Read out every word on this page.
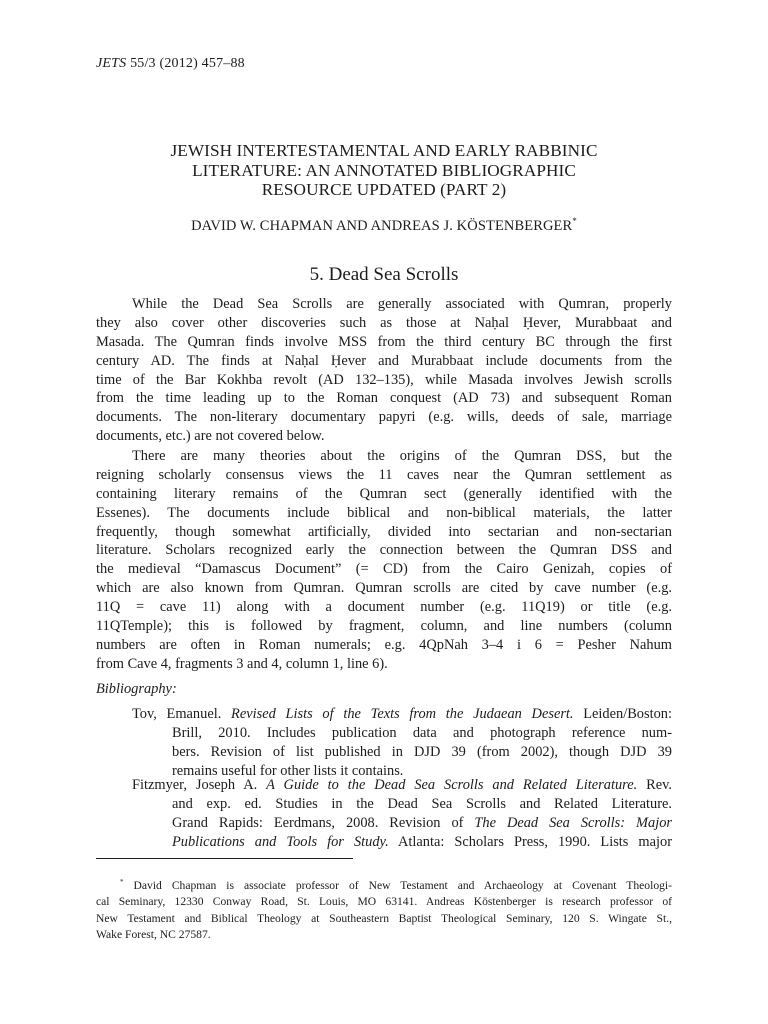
JETS 55/3 (2012) 457–88
JEWISH INTERTESTAMENTAL AND EARLY RABBINIC
LITERATURE: AN ANNOTATED BIBLIOGRAPHIC
RESOURCE UPDATED (PART 2)
DAVID W. CHAPMAN AND ANDREAS J. KÖSTENBERGER*
5. Dead Sea Scrolls
While the Dead Sea Scrolls are generally associated with Qumran, properly
they also cover other discoveries such as those at Naḥal Ḥever, Murabbaat and
Masada. The Qumran finds involve MSS from the third century BC through the first
century AD. The finds at Naḥal Ḥever and Murabbaat include documents from the
time of the Bar Kokhba revolt (AD 132–135), while Masada involves Jewish scrolls
from the time leading up to the Roman conquest (AD 73) and subsequent Roman
documents. The non-literary documentary papyri (e.g. wills, deeds of sale, marriage
documents, etc.) are not covered below.
There are many theories about the origins of the Qumran DSS, but the
reigning scholarly consensus views the 11 caves near the Qumran settlement as
containing literary remains of the Qumran sect (generally identified with the
Essenes). The documents include biblical and non-biblical materials, the latter
frequently, though somewhat artificially, divided into sectarian and non-sectarian
literature. Scholars recognized early the connection between the Qumran DSS and
the medieval “Damascus Document” (= CD) from the Cairo Genizah, copies of
which are also known from Qumran. Qumran scrolls are cited by cave number (e.g.
11Q = cave 11) along with a document number (e.g. 11Q19) or title (e.g.
11QTemple); this is followed by fragment, column, and line numbers (column
numbers are often in Roman numerals; e.g. 4QpNah 3–4 i 6 = Pesher Nahum
from Cave 4, fragments 3 and 4, column 1, line 6).
Bibliography:
Tov, Emanuel. Revised Lists of the Texts from the Judaean Desert. Leiden/Boston:
Brill, 2010. Includes publication data and photograph reference num-
bers. Revision of list published in DJD 39 (from 2002), though DJD 39
remains useful for other lists it contains.
Fitzmyer, Joseph A. A Guide to the Dead Sea Scrolls and Related Literature. Rev.
and exp. ed. Studies in the Dead Sea Scrolls and Related Literature.
Grand Rapids: Eerdmans, 2008. Revision of The Dead Sea Scrolls: Major
Publications and Tools for Study. Atlanta: Scholars Press, 1990. Lists major
* David Chapman is associate professor of New Testament and Archaeology at Covenant Theologi-
cal Seminary, 12330 Conway Road, St. Louis, MO 63141. Andreas Köstenberger is research professor of
New Testament and Biblical Theology at Southeastern Baptist Theological Seminary, 120 S. Wingate St.,
Wake Forest, NC 27587.
